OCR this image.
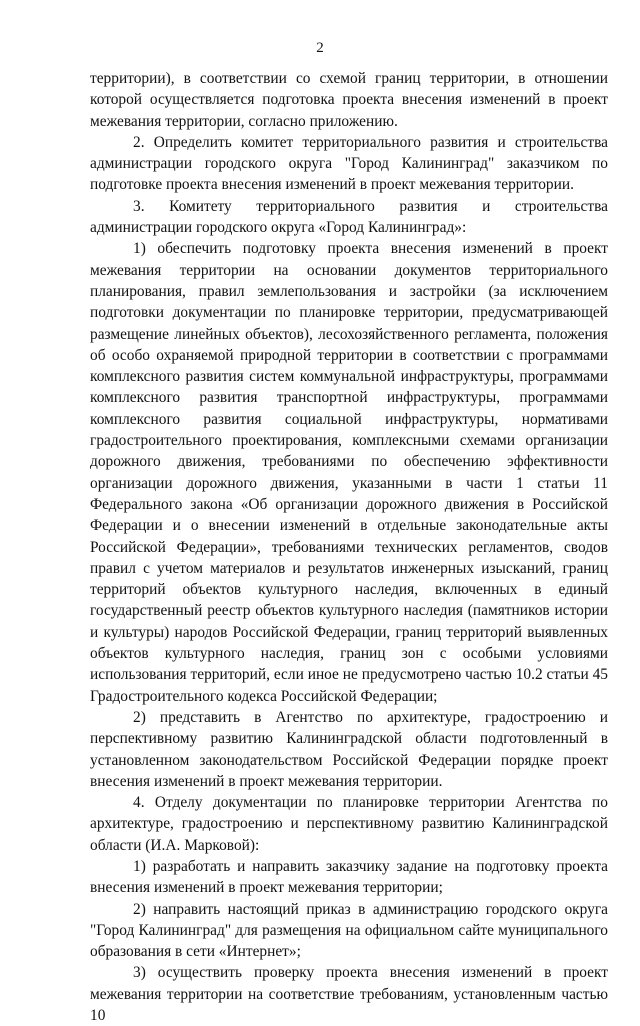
2

территории), в соответствии со схемой границ территории, в отношении которой осуществляется подготовка проекта внесения изменений в проект межевания территории, согласно приложению.

2. Определить комитет территориального развития и строительства администрации городского округа "Город Калининград" заказчиком по подготовке проекта внесения изменений в проект межевания территории.

3. Комитету территориального развития и строительства администрации городского округа «Город Калининград»:

1) обеспечить подготовку проекта внесения изменений в проект межевания территории на основании документов территориального планирования, правил землепользования и застройки (за исключением подготовки документации по планировке территории, предусматривающей размещение линейных объектов), лесохозяйственного регламента, положения об особо охраняемой природной территории в соответствии с программами комплексного развития систем коммунальной инфраструктуры, программами комплексного развития транспортной инфраструктуры, программами комплексного развития социальной инфраструктуры, нормативами градостроительного проектирования, комплексными схемами организации дорожного движения, требованиями по обеспечению эффективности организации дорожного движения, указанными в части 1 статьи 11 Федерального закона «Об организации дорожного движения в Российской Федерации и о внесении изменений в отдельные законодательные акты Российской Федерации», требованиями технических регламентов, сводов правил с учетом материалов и результатов инженерных изысканий, границ территорий объектов культурного наследия, включенных в единый государственный реестр объектов культурного наследия (памятников истории и культуры) народов Российской Федерации, границ территорий выявленных объектов культурного наследия, границ зон с особыми условиями использования территорий, если иное не предусмотрено частью 10.2 статьи 45 Градостроительного кодекса Российской Федерации;

2) представить в Агентство по архитектуре, градостроению и перспективному развитию Калининградской области подготовленный в установленном законодательством Российской Федерации порядке проект внесения изменений в проект межевания территории.

4. Отделу документации по планировке территории Агентства по архитектуре, градостроению и перспективному развитию Калининградской области (И.А. Марковой):

1) разработать и направить заказчику задание на подготовку проекта внесения изменений в проект межевания территории;

2) направить настоящий приказ в администрацию городского округа "Город Калининград" для размещения на официальном сайте муниципального образования в сети «Интернет»;

3) осуществить проверку проекта внесения изменений в проект межевания территории на соответствие требованиям, установленным частью 10
